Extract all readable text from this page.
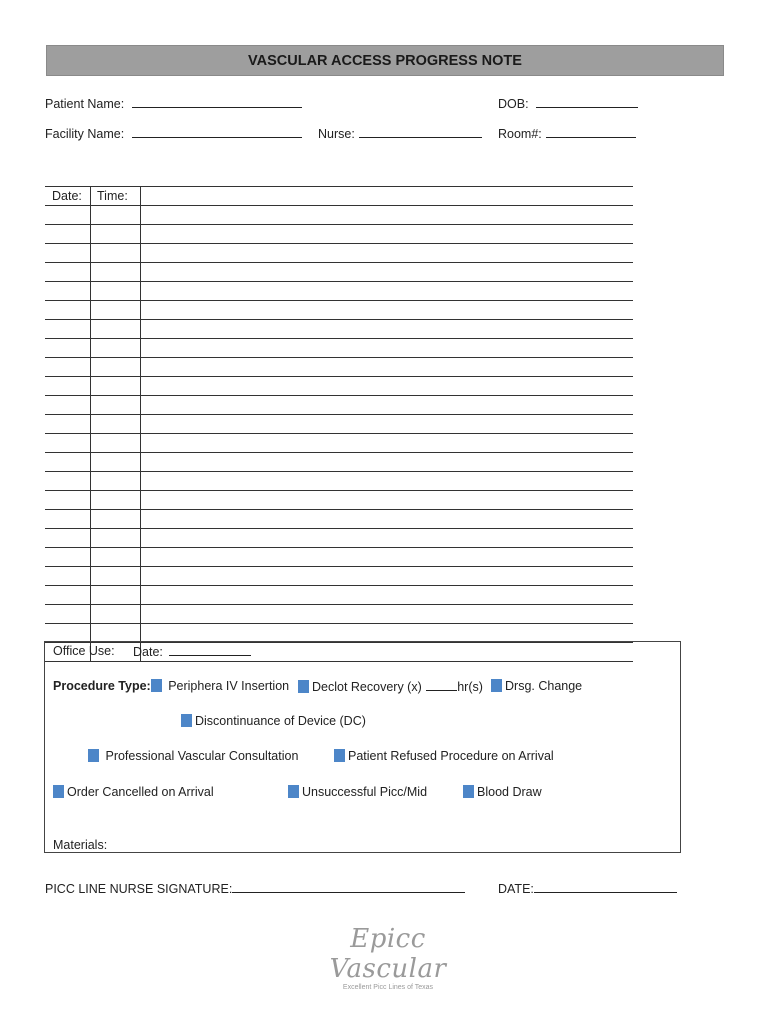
VASCULAR ACCESS PROGRESS NOTE
Patient Name:	DOB:
Facility Name:	Nurse:	Room#:
Date: Time:
Office Use: Date:
Procedure Type: Periphera IV Insertion	Declot Recovery (x)	hr(s)	Drsg. Change
Discontinuance of Device (DC)
Professional Vascular Consultation	Patient Refused Procedure on Arrival
Order Cancelled on Arrival	Unsuccessful Picc/Mid	Blood Draw
Materials:
PICC LINE NURSE SIGNATURE:	DATE:
Epicc Vascular
Excellent Picc Lines of Texas
